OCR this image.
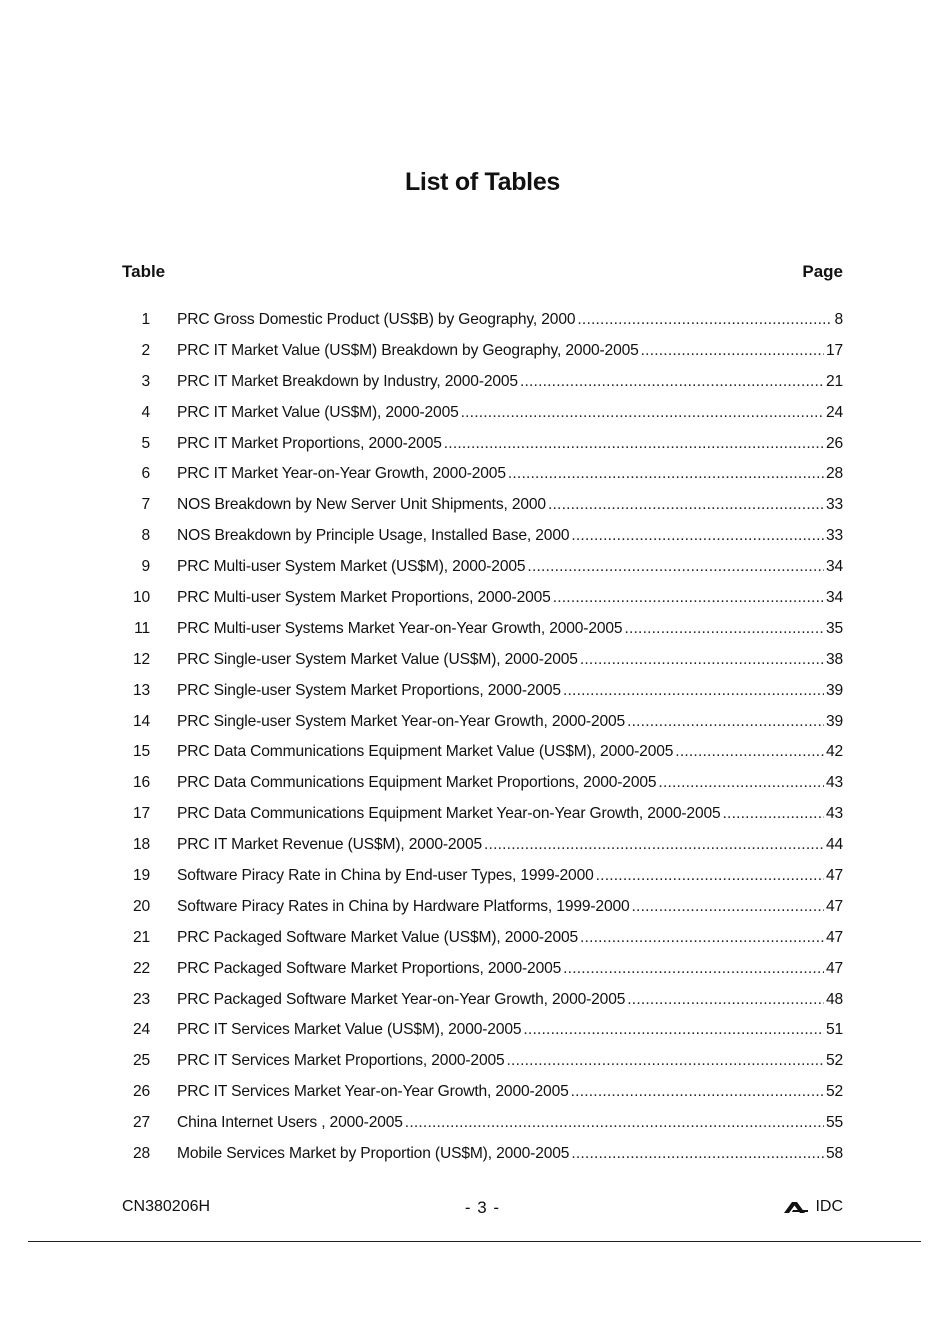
List of Tables
Table	Page
1 PRC Gross Domestic Product (US$B) by Geography, 2000 .....	8
2 PRC IT Market Value (US$M) Breakdown by Geography, 2000-2005 .....	17
3 PRC IT Market Breakdown by Industry, 2000-2005 .....	21
4 PRC IT Market Value (US$M), 2000-2005 .....	24
5 PRC IT Market Proportions, 2000-2005 .....	26
6 PRC IT Market Year-on-Year Growth, 2000-2005 .....	28
7 NOS Breakdown by New Server Unit Shipments, 2000 .....	33
8 NOS Breakdown by Principle Usage, Installed Base, 2000 .....	33
9 PRC Multi-user System Market (US$M), 2000-2005 .....	34
10 PRC Multi-user System Market Proportions, 2000-2005 .....	34
11 PRC Multi-user Systems Market Year-on-Year Growth, 2000-2005 .....	35
12 PRC Single-user System Market Value (US$M), 2000-2005 .....	38
13 PRC Single-user System Market Proportions, 2000-2005 .....	39
14 PRC Single-user System Market Year-on-Year Growth, 2000-2005 .....	39
15 PRC Data Communications Equipment Market Value (US$M), 2000-2005 .....	42
16 PRC Data Communications Equipment Market Proportions, 2000-2005 .....	43
17 PRC Data Communications Equipment Market Year-on-Year Growth, 2000-2005 .....	43
18 PRC IT Market Revenue (US$M), 2000-2005 .....	44
19 Software Piracy Rate in China by End-user Types, 1999-2000 .....	47
20 Software Piracy Rates in China by Hardware Platforms, 1999-2000 .....	47
21 PRC Packaged Software Market Value (US$M), 2000-2005 .....	47
22 PRC Packaged Software Market Proportions, 2000-2005 .....	47
23 PRC Packaged Software Market Year-on-Year Growth, 2000-2005 .....	48
24 PRC IT Services Market Value (US$M), 2000-2005 .....	51
25 PRC IT Services Market Proportions, 2000-2005 .....	52
26 PRC IT Services Market Year-on-Year Growth, 2000-2005 .....	52
27 China Internet Users , 2000-2005 .....	55
28 Mobile Services Market by Proportion (US$M), 2000-2005 .....	58
CN380206H	- 3 -	IDC
